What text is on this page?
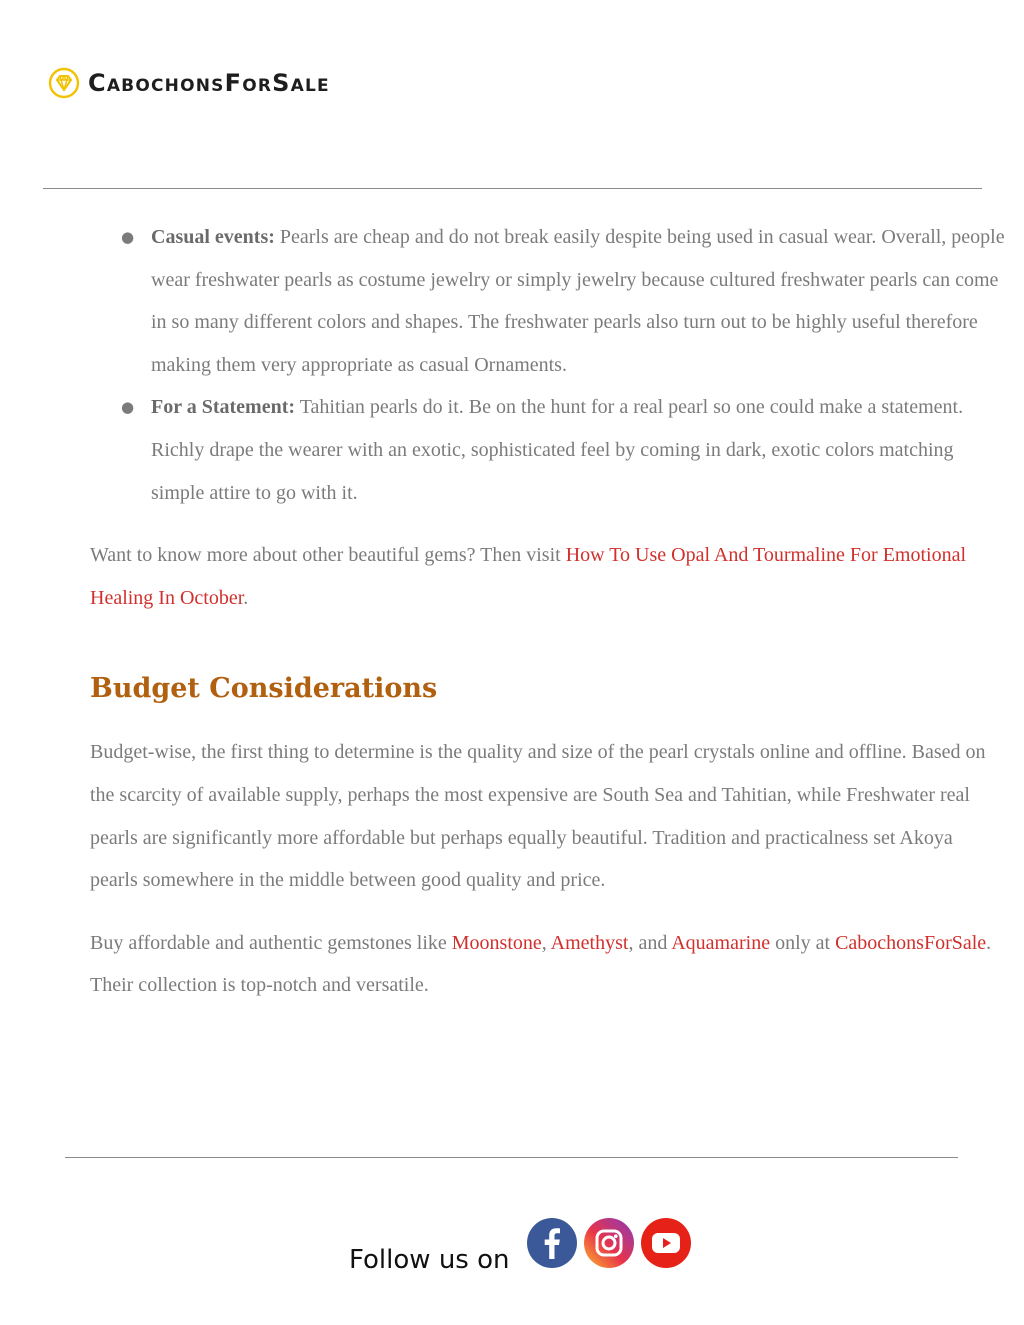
CabochonsForSale
● Casual events: Pearls are cheap and do not break easily despite being used in casual wear. Overall, people wear freshwater pearls as costume jewelry or simply jewelry because cultured freshwater pearls can come in so many different colors and shapes. The freshwater pearls also turn out to be highly useful therefore making them very appropriate as casual Ornaments.
● For a Statement: Tahitian pearls do it. Be on the hunt for a real pearl so one could make a statement. Richly drape the wearer with an exotic, sophisticated feel by coming in dark, exotic colors matching simple attire to go with it.

Want to know more about other beautiful gems? Then visit How To Use Opal And Tourmaline For Emotional Healing In October.

Budget Considerations

Budget-wise, the first thing to determine is the quality and size of the pearl crystals online and offline. Based on the scarcity of available supply, perhaps the most expensive are South Sea and Tahitian, while Freshwater real pearls are significantly more affordable but perhaps equally beautiful. Tradition and practicalness set Akoya pearls somewhere in the middle between good quality and price.

Buy affordable and authentic gemstones like Moonstone, Amethyst, and Aquamarine only at CabochonsForSale. Their collection is top-notch and versatile.

Follow us on
